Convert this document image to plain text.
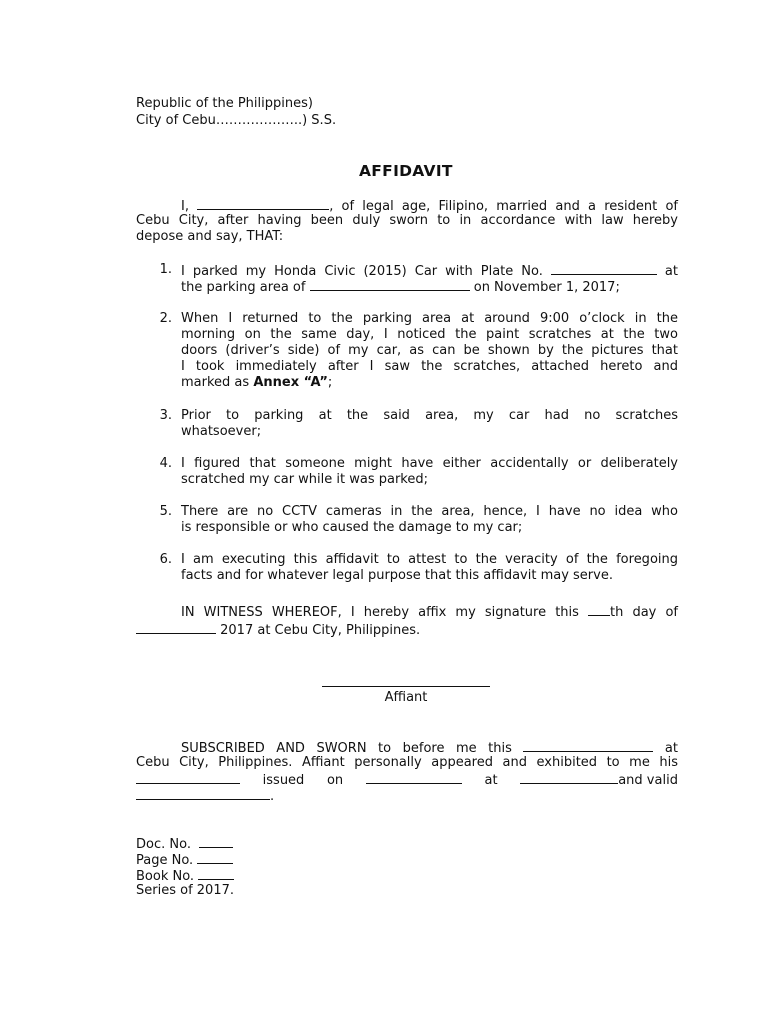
Republic of the Philippines)
City of Cebu………………..) S.S.
AFFIDAVIT
I,	, of legal age, Filipino, married and a resident of
Cebu City, after having been duly sworn to in accordance with law hereby
depose and say, THAT:
1. I parked my Honda Civic (2015) Car with Plate No.	at
the parking area of	on November 1, 2017;
2. When I returned to the parking area at around 9:00 o’clock in the
morning on the same day, I noticed the paint scratches at the two
doors (driver’s side) of my car, as can be shown by the pictures that
I took immediately after I saw the scratches, attached hereto and
marked as Annex “A”;
3. Prior to parking at the said area, my car had no scratches
whatsoever;
4. I figured that someone might have either accidentally or deliberately
scratched my car while it was parked;
5. There are no CCTV cameras in the area, hence, I have no idea who
is responsible or who caused the damage to my car;
6. I am executing this affidavit to attest to the veracity of the foregoing
facts and for whatever legal purpose that this affidavit may serve.
IN WITNESS WHEREOF, I hereby affix my signature this th day of
2017 at Cebu City, Philippines.
Affiant
SUBSCRIBED AND SWORN to before me this	at
Cebu City, Philippines. Affiant personally appeared and exhibited to me his
issued on	at	and valid
.
Doc. No.
Page No.
Book No.
Series of 2017.
